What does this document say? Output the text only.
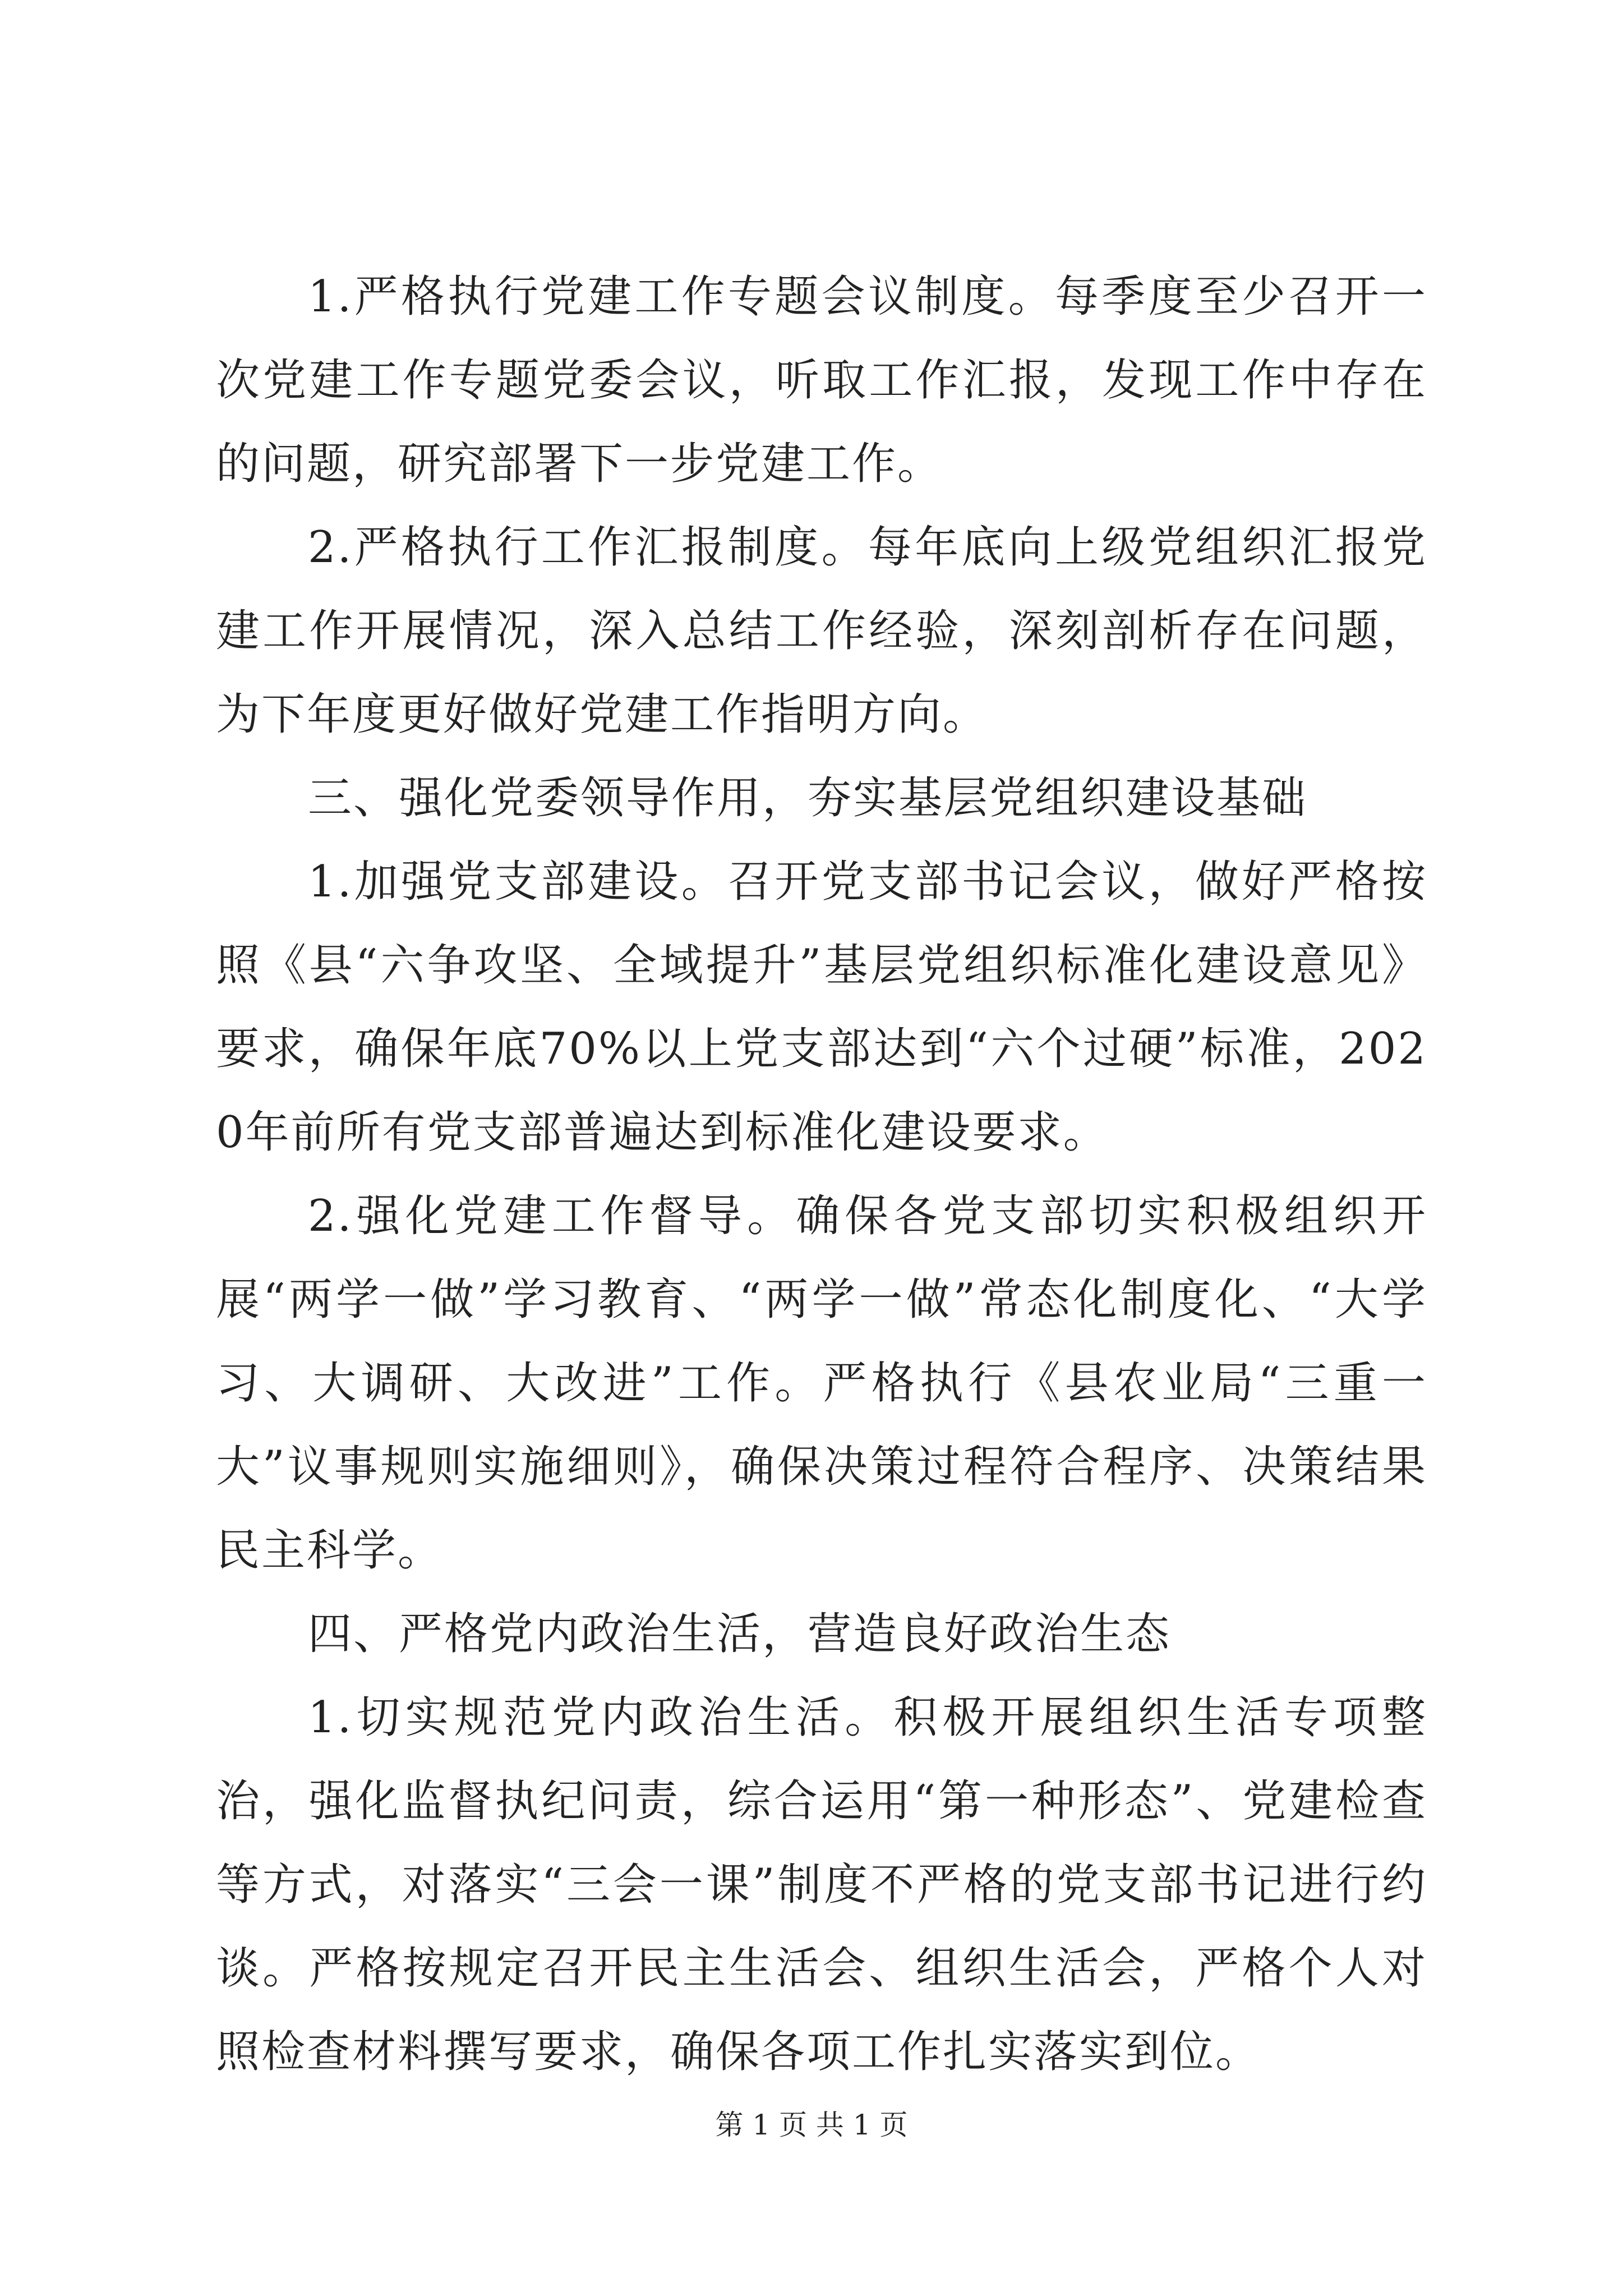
1.严格执行党建工作专题会议制度。每季度至少召开一次党建工作专题党委会议，听取工作汇报，发现工作中存在的问题，研究部署下一步党建工作。

2.严格执行工作汇报制度。每年底向上级党组织汇报党建工作开展情况，深入总结工作经验，深刻剖析存在问题，为下年度更好做好党建工作指明方向。

三、强化党委领导作用，夯实基层党组织建设基础

1.加强党支部建设。召开党支部书记会议，做好严格按照《县“六争攻坚、全域提升”基层党组织标准化建设意见》要求，确保年底70%以上党支部达到“六个过硬”标准，2020年前所有党支部普遍达到标准化建设要求。

2.强化党建工作督导。确保各党支部切实积极组织开展“两学一做”学习教育、“两学一做”常态化制度化、“大学习、大调研、大改进”工作。严格执行《县农业局“三重一大”议事规则实施细则》，确保决策过程符合程序、决策结果民主科学。

四、严格党内政治生活，营造良好政治生态

1.切实规范党内政治生活。积极开展组织生活专项整治，强化监督执纪问责，综合运用“第一种形态”、党建检查等方式，对落实“三会一课”制度不严格的党支部书记进行约谈。严格按规定召开民主生活会、组织生活会，严格个人对照检查材料撰写要求，确保各项工作扎实落实到位。

第 1 页 共 1 页
